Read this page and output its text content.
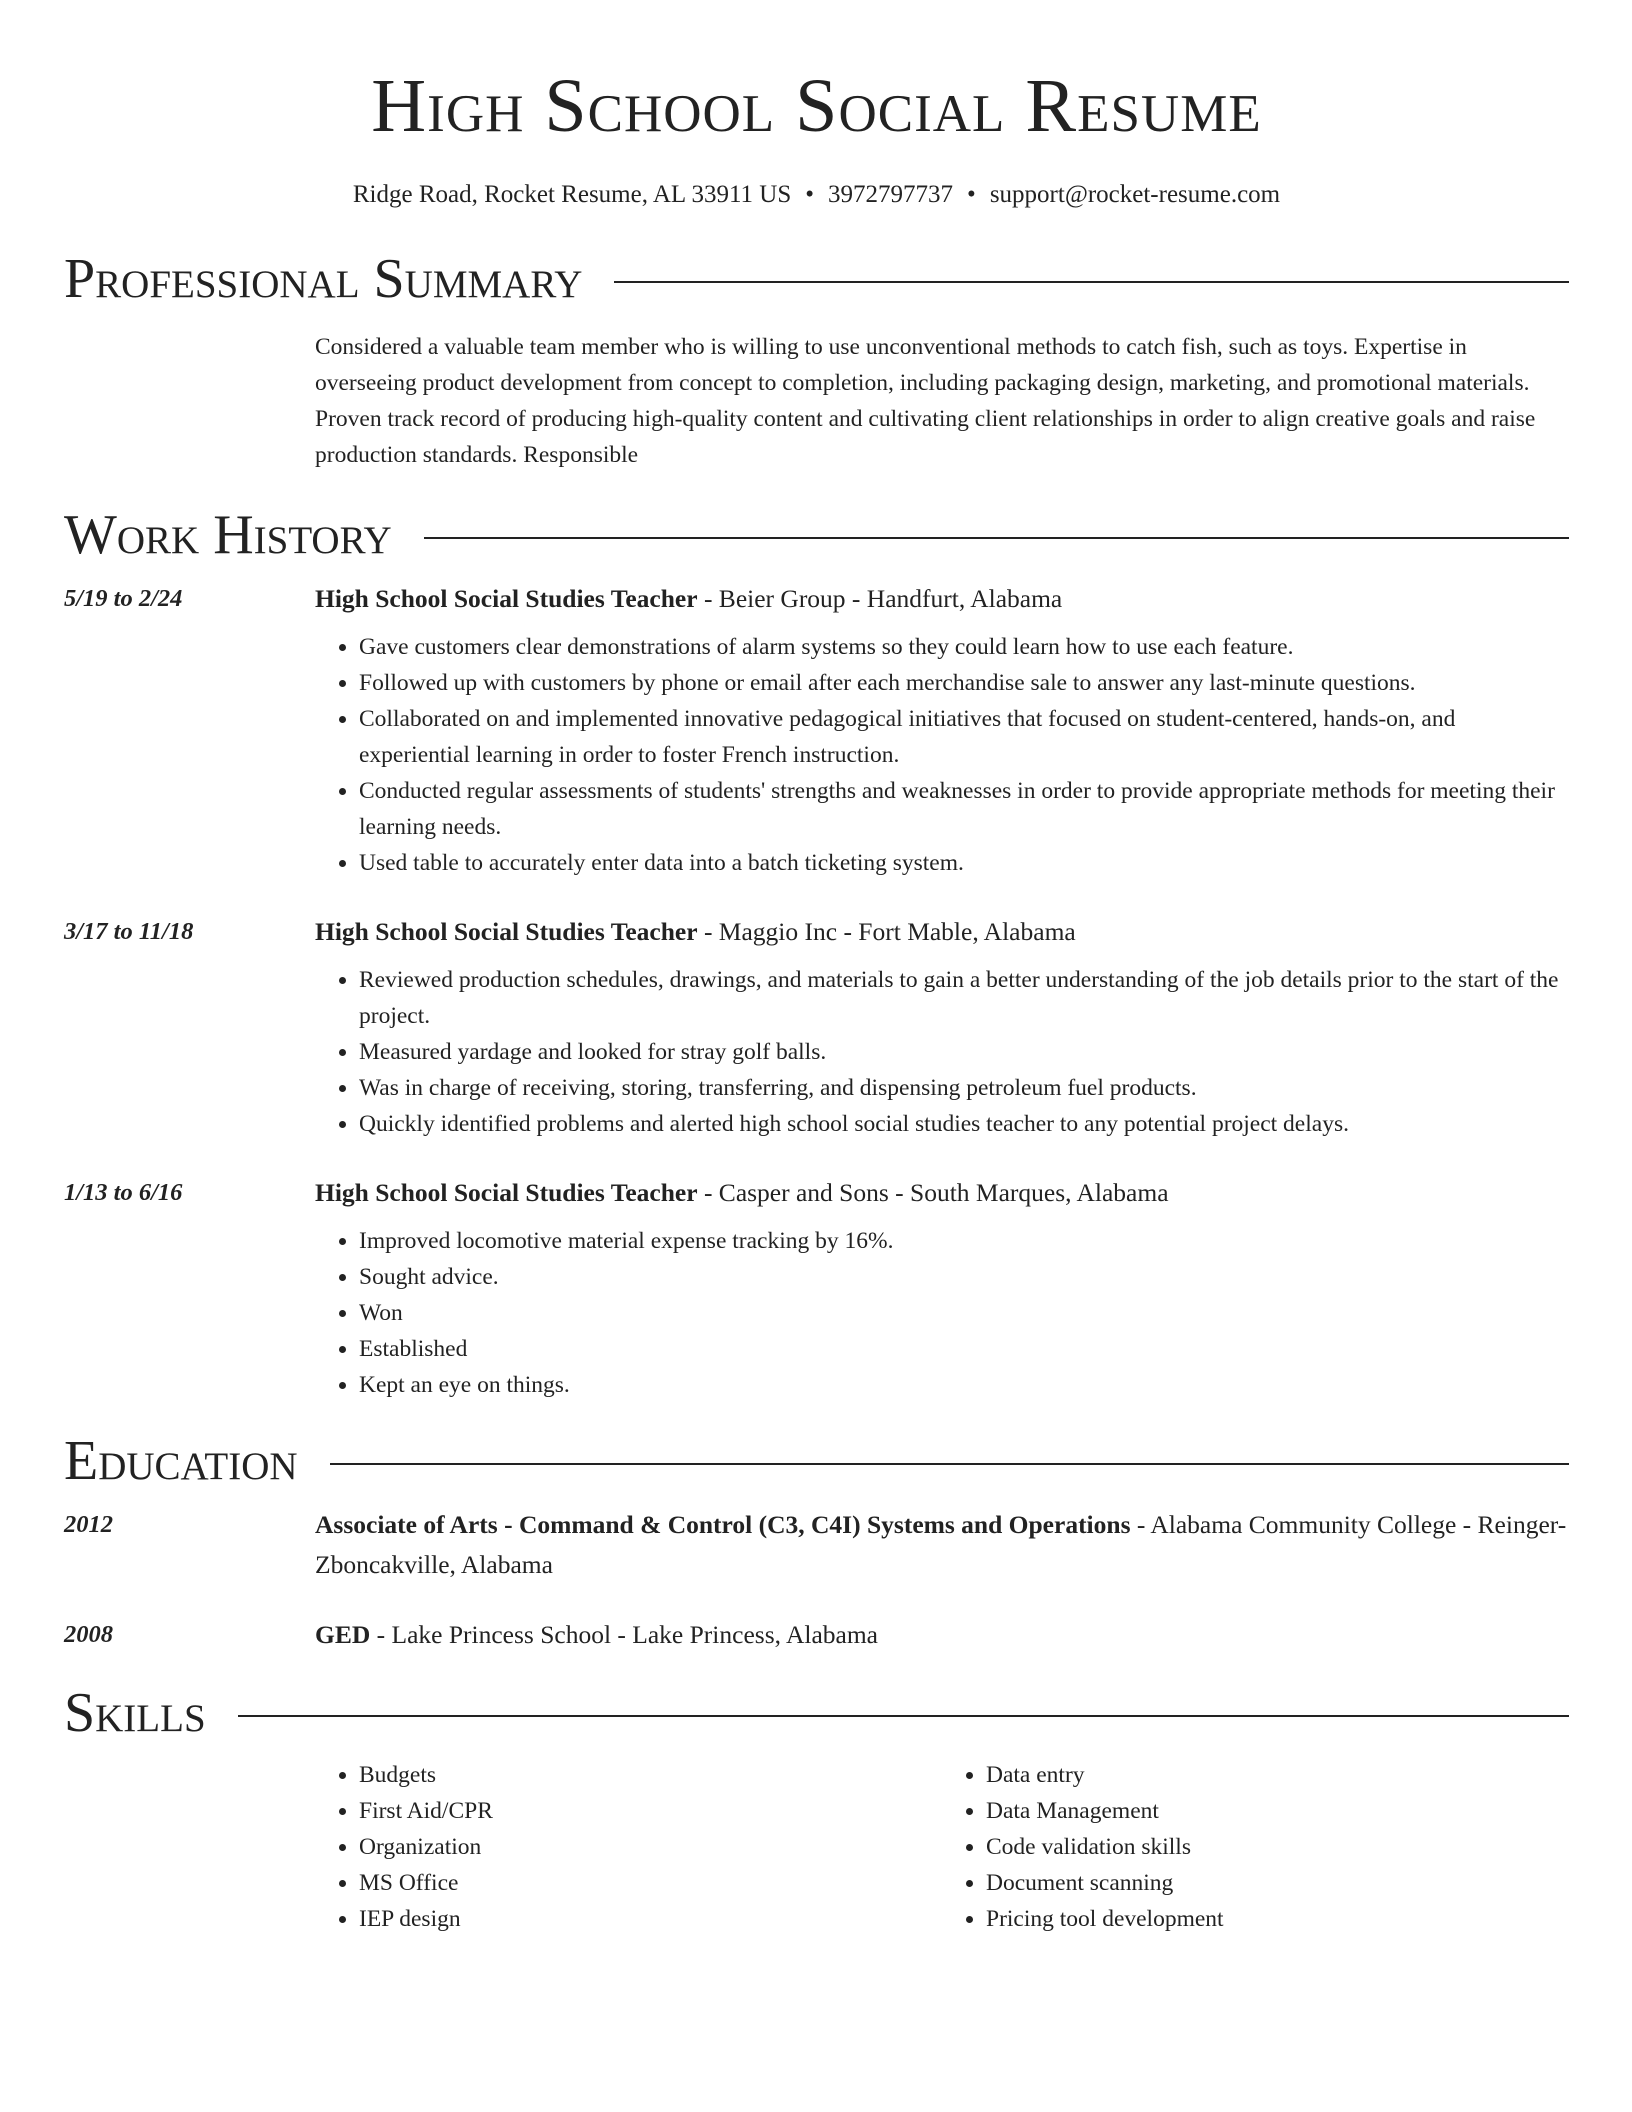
High School Social Resume
Ridge Road, Rocket Resume, AL 33911 US • 3972797737 • support@rocket-resume.com
Professional Summary
Considered a valuable team member who is willing to use unconventional methods to catch fish, such as toys. Expertise in overseeing product development from concept to completion, including packaging design, marketing, and promotional materials. Proven track record of producing high-quality content and cultivating client relationships in order to align creative goals and raise production standards. Responsible
Work History
5/19 to 2/24	High School Social Studies Teacher - Beier Group - Handfurt, Alabama
• Gave customers clear demonstrations of alarm systems so they could learn how to use each feature.
• Followed up with customers by phone or email after each merchandise sale to answer any last-minute questions.
• Collaborated on and implemented innovative pedagogical initiatives that focused on student-centered, hands-on, and experiential learning in order to foster French instruction.
• Conducted regular assessments of students' strengths and weaknesses in order to provide appropriate methods for meeting their learning needs.
• Used table to accurately enter data into a batch ticketing system.
3/17 to 11/18	High School Social Studies Teacher - Maggio Inc - Fort Mable, Alabama
• Reviewed production schedules, drawings, and materials to gain a better understanding of the job details prior to the start of the project.
• Measured yardage and looked for stray golf balls.
• Was in charge of receiving, storing, transferring, and dispensing petroleum fuel products.
• Quickly identified problems and alerted high school social studies teacher to any potential project delays.
1/13 to 6/16	High School Social Studies Teacher - Casper and Sons - South Marques, Alabama
• Improved locomotive material expense tracking by 16%.
• Sought advice.
• Won
• Established
• Kept an eye on things.
Education
2012	Associate of Arts - Command & Control (C3, C4I) Systems and Operations - Alabama Community College - Reinger-Zboncakville, Alabama
2008	GED - Lake Princess School - Lake Princess, Alabama
Skills
• Budgets
• First Aid/CPR
• Organization
• MS Office
• IEP design
• Data entry
• Data Management
• Code validation skills
• Document scanning
• Pricing tool development
